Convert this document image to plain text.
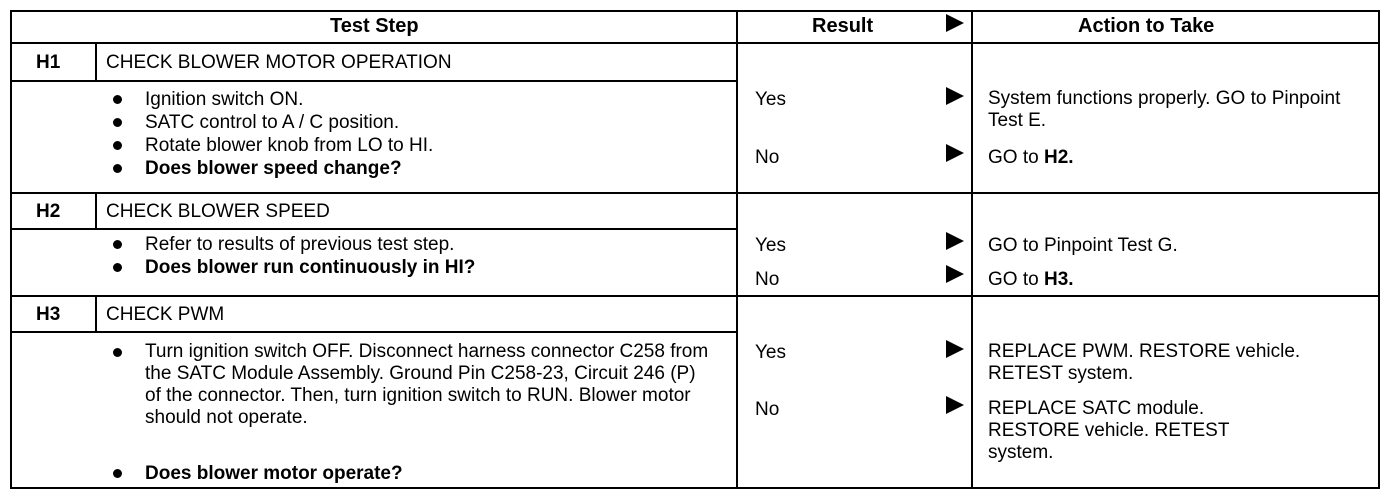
Test Step	Result	Action to Take
H1 CHECK BLOWER MOTOR OPERATION
Ignition switch ON.
SATC control to A / C position.
Rotate blower knob from LO to HI.
Does blower speed change?
Yes	System functions properly. GO to Pinpoint Test E.
No	GO to H2.
H2 CHECK BLOWER SPEED
Refer to results of previous test step.
Does blower run continuously in HI?
Yes	GO to Pinpoint Test G.
No	GO to H3.
H3 CHECK PWM
Turn ignition switch OFF. Disconnect harness connector C258 from the SATC Module Assembly. Ground Pin C258-23, Circuit 246 (P) of the connector. Then, turn ignition switch to RUN. Blower motor should not operate.
Does blower motor operate?
Yes	REPLACE PWM. RESTORE vehicle. RETEST system.
No	REPLACE SATC module. RESTORE vehicle. RETEST system.
